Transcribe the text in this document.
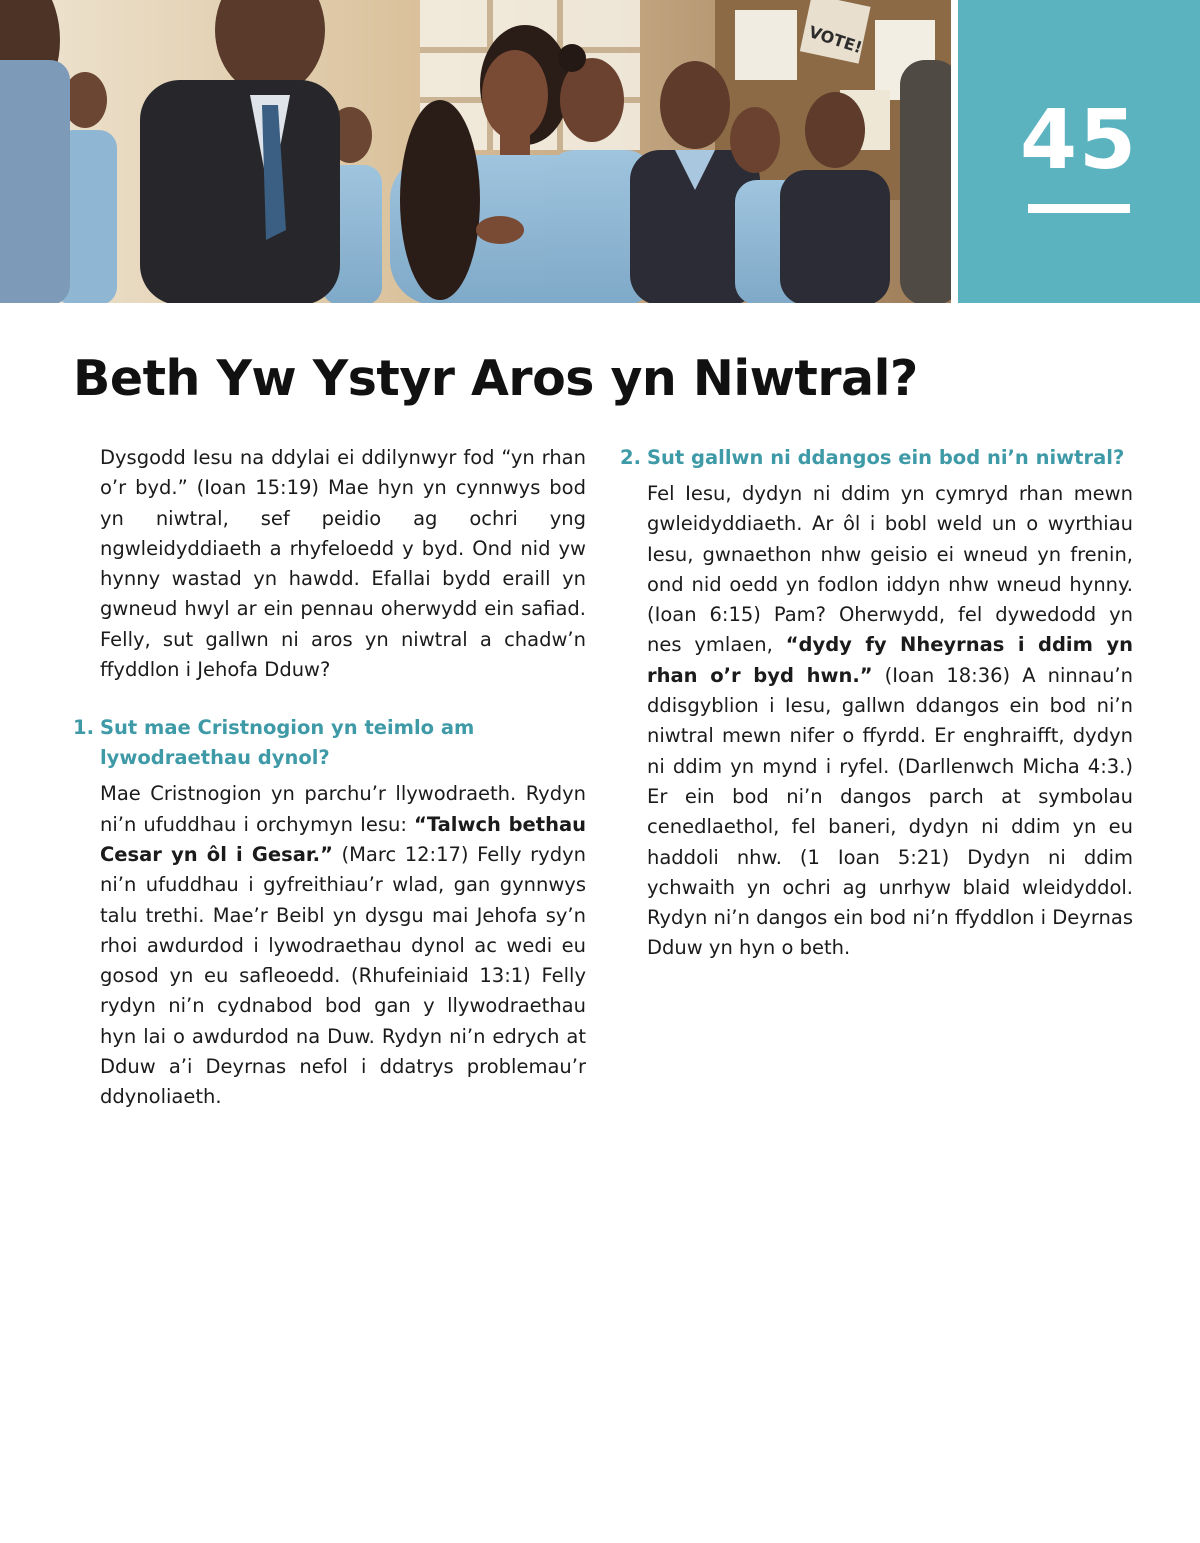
VOTE!
45
Beth Yw Ystyr Aros yn Niwtral?

Dysgodd Iesu na ddylai ei ddilynwyr fod “yn rhan o’r byd.” (Ioan 15:19) Mae hyn yn cynnwys bod yn niwtral, sef peidio ag ochri yng ngwleidyddiaeth a rhyfeloedd y byd. Ond nid yw hynny wastad yn hawdd. Efallai bydd eraill yn gwneud hwyl ar ein pennau oherwydd ein safiad. Felly, sut gallwn ni aros yn niwtral a chadw’n ffyddlon i Jehofa Dduw?

1. Sut mae Cristnogion yn teimlo am lywodraethau dynol?

Mae Cristnogion yn parchu’r llywodraeth. Rydyn ni’n ufuddhau i orchymyn Iesu: “Talwch bethau Cesar yn ôl i Gesar.” (Marc 12:17) Felly rydyn ni’n ufuddhau i gyfreithiau’r wlad, gan gynnwys talu trethi. Mae’r Beibl yn dysgu mai Jehofa sy’n rhoi awdurdod i lywodraethau dynol ac wedi eu gosod yn eu safleoedd. (Rhufeiniaid 13:1) Felly rydyn ni’n cydnabod bod gan y llywodraethau hyn lai o awdurdod na Duw. Rydyn ni’n edrych at Dduw a’i Deyrnas nefol i ddatrys problemau’r ddynoliaeth.

2. Sut gallwn ni ddangos ein bod ni’n niwtral?

Fel Iesu, dydyn ni ddim yn cymryd rhan mewn gwleidyddiaeth. Ar ôl i bobl weld un o wyrthiau Iesu, gwnaethon nhw geisio ei wneud yn frenin, ond nid oedd yn fodlon iddyn nhw wneud hynny. (Ioan 6:15) Pam? Oherwydd, fel dywedodd yn nes ymlaen, “dydy fy Nheyrnas i ddim yn rhan o’r byd hwn.” (Ioan 18:36) A ninnau’n ddisgyblion i Iesu, gallwn ddangos ein bod ni’n niwtral mewn nifer o ffyrdd. Er enghraifft, dydyn ni ddim yn mynd i ryfel. (Darllenwch Micha 4:3.) Er ein bod ni’n dangos parch at symbolau cenedlaethol, fel baneri, dydyn ni ddim yn eu haddoli nhw. (1 Ioan 5:21) Dydyn ni ddim ychwaith yn ochri ag unrhyw blaid wleidyddol. Rydyn ni’n dangos ein bod ni’n ffyddlon i Deyrnas Dduw yn hyn o beth.
